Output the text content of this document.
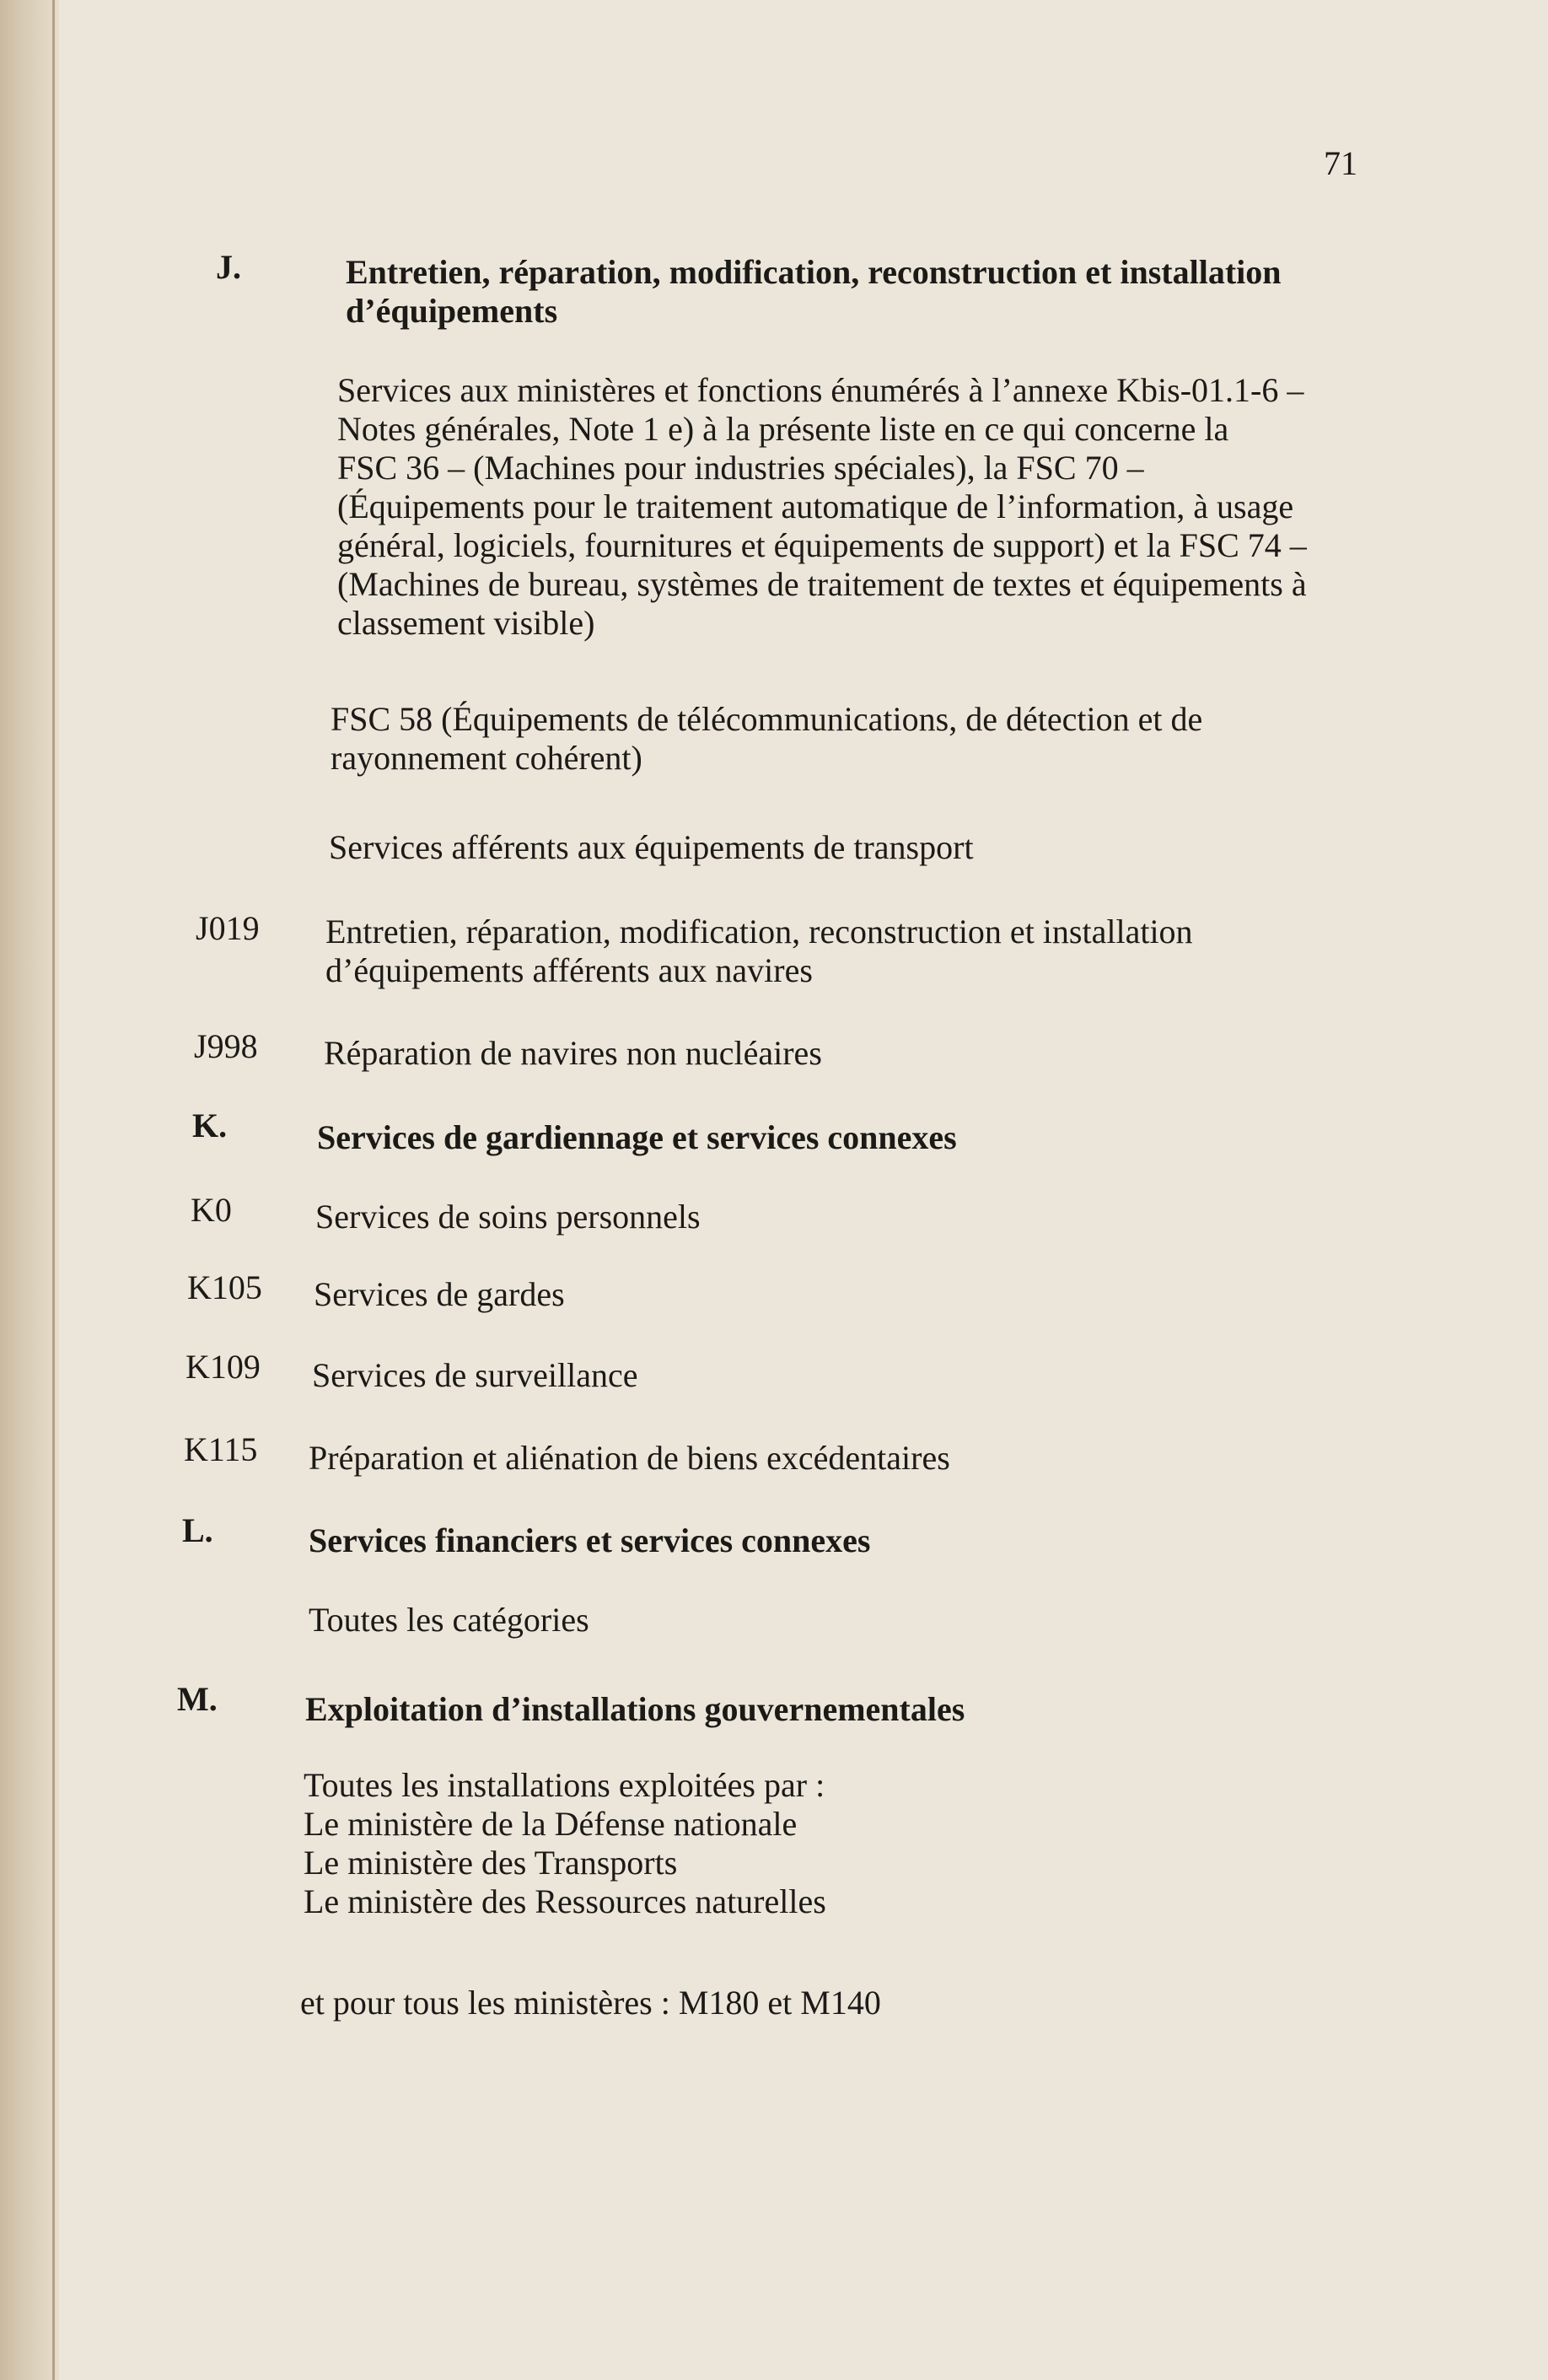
71
J.	Entretien, réparation, modification, reconstruction et installation
d’équipements
Services aux ministères et fonctions énumérés à l’annexe Kbis-01.1-6 –
Notes générales, Note 1 e) à la présente liste en ce qui concerne la
FSC 36 – (Machines pour industries spéciales), la FSC 70 –
(Équipements pour le traitement automatique de l’information, à usage
général, logiciels, fournitures et équipements de support) et la FSC 74 –
(Machines de bureau, systèmes de traitement de textes et équipements à
classement visible)
FSC 58 (Équipements de télécommunications, de détection et de
rayonnement cohérent)
Services afférents aux équipements de transport
J019 Entretien, réparation, modification, reconstruction et installation
d’équipements afférents aux navires
J998 Réparation de navires non nucléaires
K.	Services de gardiennage et services connexes
K0 Services de soins personnels
K105 Services de gardes
K109 Services de surveillance
K115 Préparation et aliénation de biens excédentaires
L.	Services financiers et services connexes
Toutes les catégories
M.	Exploitation d’installations gouvernementales
Toutes les installations exploitées par :
Le ministère de la Défense nationale
Le ministère des Transports
Le ministère des Ressources naturelles
et pour tous les ministères : M180 et M140
